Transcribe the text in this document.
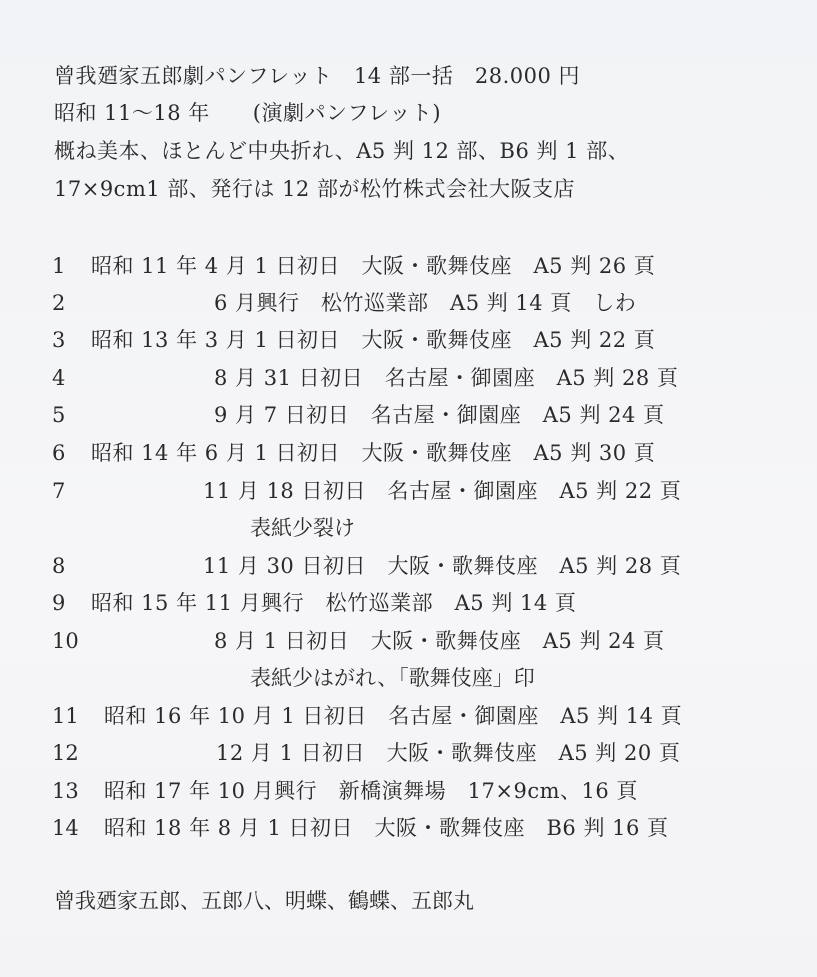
曾我廼家五郎劇パンフレット　14 部一括　28.000 円
昭和 11〜18 年　　(演劇パンフレット)
概ね美本、ほとんど中央折れ、A5 判 12 部、B6 判 1 部、
17×9cm1 部、発行は 12 部が松竹株式会社大阪支店
1 昭和 11 年 4 月 1 日初日　大阪・歌舞伎座　A5 判 26 頁
2	6 月興行　松竹巡業部　A5 判 14 頁　しわ
3 昭和 13 年 3 月 1 日初日　大阪・歌舞伎座　A5 判 22 頁
4	8 月 31 日初日　名古屋・御園座　A5 判 28 頁
5	9 月 7 日初日　名古屋・御園座　A5 判 24 頁
6 昭和 14 年 6 月 1 日初日　大阪・歌舞伎座　A5 判 30 頁
7	11 月 18 日初日　名古屋・御園座　A5 判 22 頁
表紙少裂け
8	11 月 30 日初日　大阪・歌舞伎座　A5 判 28 頁
9 昭和 15 年 11 月興行　松竹巡業部　A5 判 14 頁
10	8 月 1 日初日　大阪・歌舞伎座　A5 判 24 頁
表紙少はがれ、「歌舞伎座」印
11 昭和 16 年 10 月 1 日初日　名古屋・御園座　A5 判 14 頁
12	12 月 1 日初日　大阪・歌舞伎座　A5 判 20 頁
13 昭和 17 年 10 月興行　新橋演舞場　17×9cm、16 頁
14 昭和 18 年 8 月 1 日初日　大阪・歌舞伎座　B6 判 16 頁
曾我廼家五郎、五郎八、明蝶、鶴蝶、五郎丸
